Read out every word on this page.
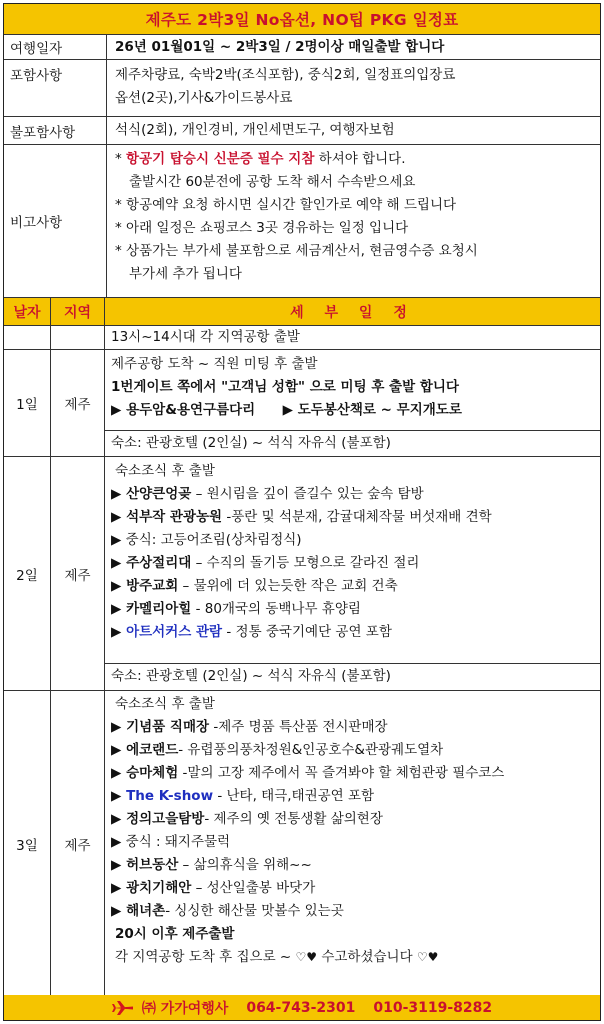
제주도 2박3일 No옵션, NO팁 PKG 일정표
여행일자	26년 01월01일 ~ 2박3일 / 2명이상 매일출발 합니다
포함사항	제주차량료, 숙박2박(조식포함), 중식2회, 일정표의입장료
옵션(2곳),기사&가이드봉사료
불포함사항	석식(2회), 개인경비, 개인세면도구, 여행자보험
비고사항
* 항공기 탑승시 신분증 필수 지참 하셔야 합니다.
출발시간 60분전에 공항 도착 해서 수속받으세요
* 항공예약 요청 하시면 실시간 할인가로 예약 해 드립니다
* 아래 일정은 쇼핑코스 3곳 경유하는 일정 입니다
* 상품가는 부가세 불포함으로 세금계산서, 현금영수증 요청시
부가세 추가 됩니다
날자	지역	세 부 일 정
13시~14시대 각 지역공항 출발
1일	제주
제주공항 도착 ~ 직원 미팅 후 출발
1번게이트 쪽에서 "고객님 성함" 으로 미팅 후 출발 합니다
▶ 용두암&용연구름다리 ▶ 도두봉산책로 ~ 무지개도로
숙소: 관광호텔 (2인실) ~ 석식 자유식 (불포함)
2일	제주
숙소조식 후 출발
▶ 산양큰엉곶 – 원시림을 깊이 즐길수 있는 숲속 탐방
▶ 석부작 관광농원 -풍란 및 석분재, 감귤대체작물 버섯재배 견학
▶ 중식: 고등어조림(상차림정식)
▶ 주상절리대 – 수직의 돌기등 모형으로 갈라진 절리
▶ 방주교회 – 물위에 더 있는듯한 작은 교회 건축
▶ 카멜리아힐 - 80개국의 동백나무 휴양림
▶ 아트서커스 관람 - 정통 중국기예단 공연 포함
숙소: 관광호텔 (2인실) ~ 석식 자유식 (불포함)
3일	제주
숙소조식 후 출발
▶ 기념품 직매장 -제주 명품 특산품 전시판매장
▶ 에코랜드- 유렵풍의풍차정원&인공호수&관광궤도열차
▶ 승마체험 -말의 고장 제주에서 꼭 즐겨봐야 할 체험관광 필수코스
▶ The K-show - 난타, 태극,태권공연 포함
▶ 정의고을탐방- 제주의 옛 전통생활 삶의현장
▶ 중식 : 돼지주물럭
▶ 허브동산 – 삶의휴식을 위해~~
▶ 광치기해안 – 성산일출봉 바닷가
▶ 해녀촌- 싱싱한 해산물 맛볼수 있는곳
20시 이후 제주출발
각 지역공항 도착 후 집으로 ~ ♡♥ 수고하셨습니다 ♡♥
㈜ 가가여행사 064-743-2301 010-3119-8282
